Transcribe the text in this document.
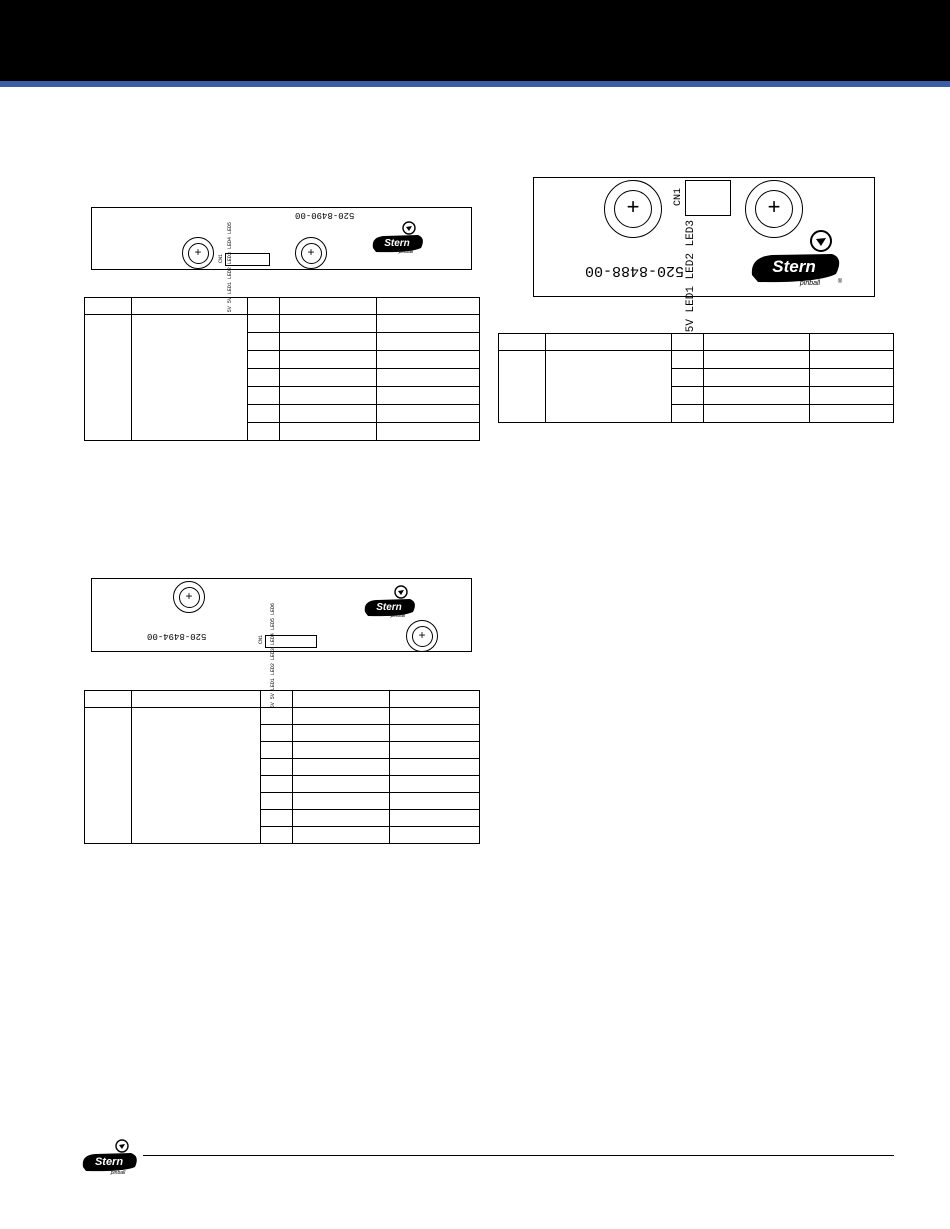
520-8490-00
+	+
5V 5V LED1 LED2 LED3 LED4 LED5
CN1
Stern
pinball

520-8494-00
+
+
5V 5V LED1 LED2 LED3 LED4 LED5 LED6
CN1
Stern
pinball

+	+
CN1
5V LED1 LED2 LED3
520-8488-00	Stern
pinball	®

Stern
pinball
